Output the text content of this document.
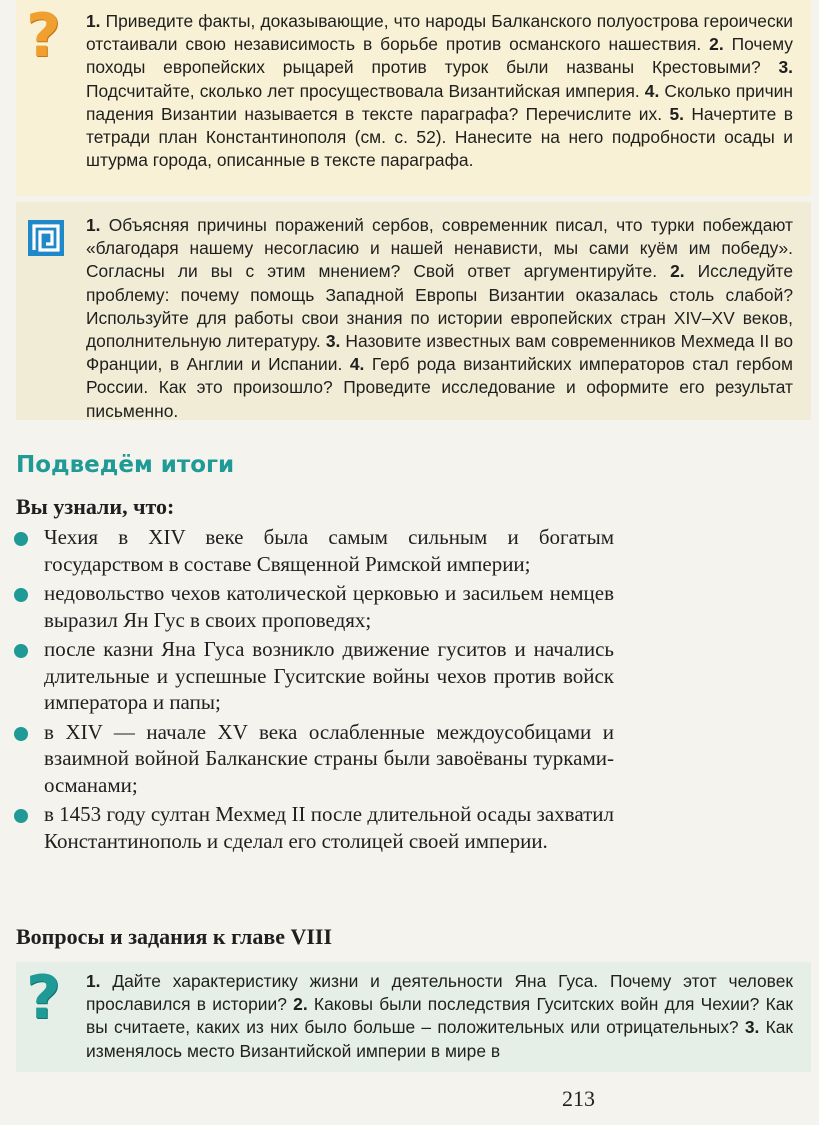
? 1. Приведите факты, доказывающие, что народы Балканского полуострова героически отстаивали свою независимость в борьбе против османского нашествия. 2. Почему походы европейских рыцарей против турок были названы Крестовыми? 3. Подсчитайте, сколько лет просуществовала Византийская империя. 4. Сколько причин падения Византии называется в тексте параграфа? Перечислите их. 5. Начертите в тетради план Константинополя (см. с. 52). Нанесите на него подробности осады и штурма города, описанные в тексте параграфа.

1. Объясняя причины поражений сербов, современник писал, что турки побеждают «благодаря нашему несогласию и нашей ненависти, мы сами куём им победу». Согласны ли вы с этим мнением? Свой ответ аргументируйте. 2. Исследуйте проблему: почему помощь Западной Европы Византии оказалась столь слабой? Используйте для работы свои знания по истории европейских стран XIV–XV веков, дополнительную литературу. 3. Назовите известных вам современников Мехмеда II во Франции, в Англии и Испании. 4. Герб рода византийских императоров стал гербом России. Как это произошло? Проведите исследование и оформите его результат письменно.

Подведём итоги
Вы узнали, что:
Чехия в XIV веке была самым сильным и богатым государством в составе Священной Римской империи;
недовольство чехов католической церковью и засильем немцев выразил Ян Гус в своих проповедях;
после казни Яна Гуса возникло движение гуситов и начались длительные и успешные Гуситские войны чехов против войск императора и папы;
в XIV — начале XV века ослабленные междоусобицами и взаимной войной Балканские страны были завоёваны турками-османами;
в 1453 году султан Мехмед II после длительной осады захватил Константинополь и сделал его столицей своей империи.
Вопросы и задания к главе VIII
? 1. Дайте характеристику жизни и деятельности Яна Гуса. Почему этот человек прославился в истории? 2. Каковы были последствия Гуситских войн для Чехии? Как вы считаете, каких из них было больше – положительных или отрицательных? 3. Как изменялось место Византийской империи в мире в

213
